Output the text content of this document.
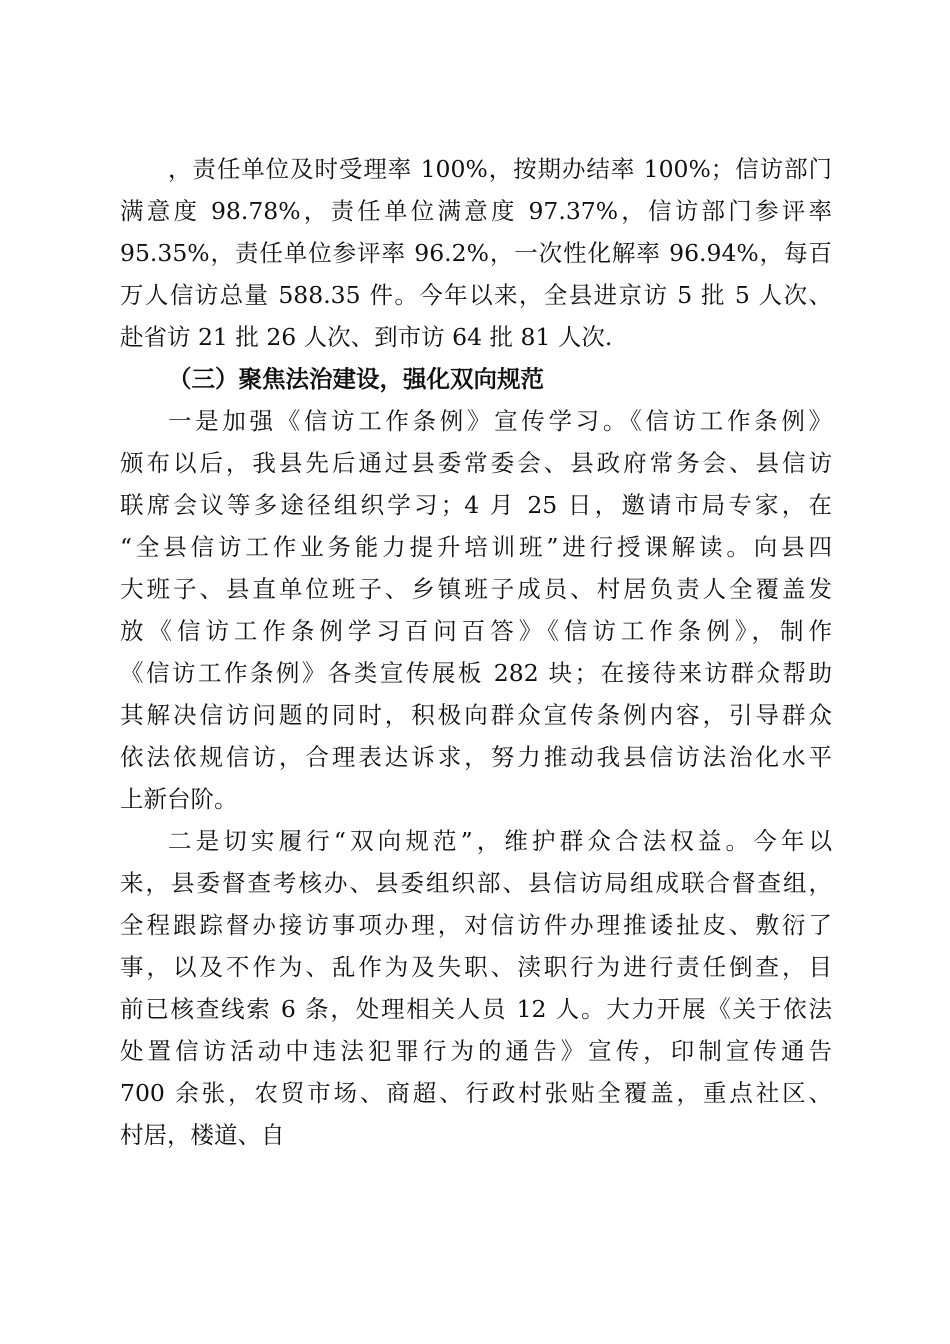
，责任单位及时受理率 100%，按期办结率 100%；信访部门
满意度 98.78%，责任单位满意度 97.37%，信访部门参评率
95.35%，责任单位参评率 96.2%，一次性化解率 96.94%，每百
万人信访总量 588.35 件。今年以来，全县进京访 5 批 5 人次、
赴省访 21 批 26 人次、到市访 64 批 81 人次.
（三）聚焦法治建设，强化双向规范
一是加强《信访工作条例》宣传学习。《信访工作条例》
颁布以后，我县先后通过县委常委会、县政府常务会、县信访
联席会议等多途径组织学习；4 月 25 日，邀请市局专家，在
“全县信访工作业务能力提升培训班”进行授课解读。向县四
大班子、县直单位班子、乡镇班子成员、村居负责人全覆盖发
放《信访工作条例学习百问百答》《信访工作条例》，制作
《信访工作条例》各类宣传展板 282 块；在接待来访群众帮助
其解决信访问题的同时，积极向群众宣传条例内容，引导群众
依法依规信访，合理表达诉求，努力推动我县信访法治化水平
上新台阶。
二是切实履行“双向规范”，维护群众合法权益。今年以
来，县委督查考核办、县委组织部、县信访局组成联合督查组，
全程跟踪督办接访事项办理，对信访件办理推诿扯皮、敷衍了
事，以及不作为、乱作为及失职、渎职行为进行责任倒查，目
前已核查线索 6 条，处理相关人员 12 人。大力开展《关于依法
处置信访活动中违法犯罪行为的通告》宣传，印制宣传通告
700 余张，农贸市场、商超、行政村张贴全覆盖，重点社区、
村居，楼道、自
